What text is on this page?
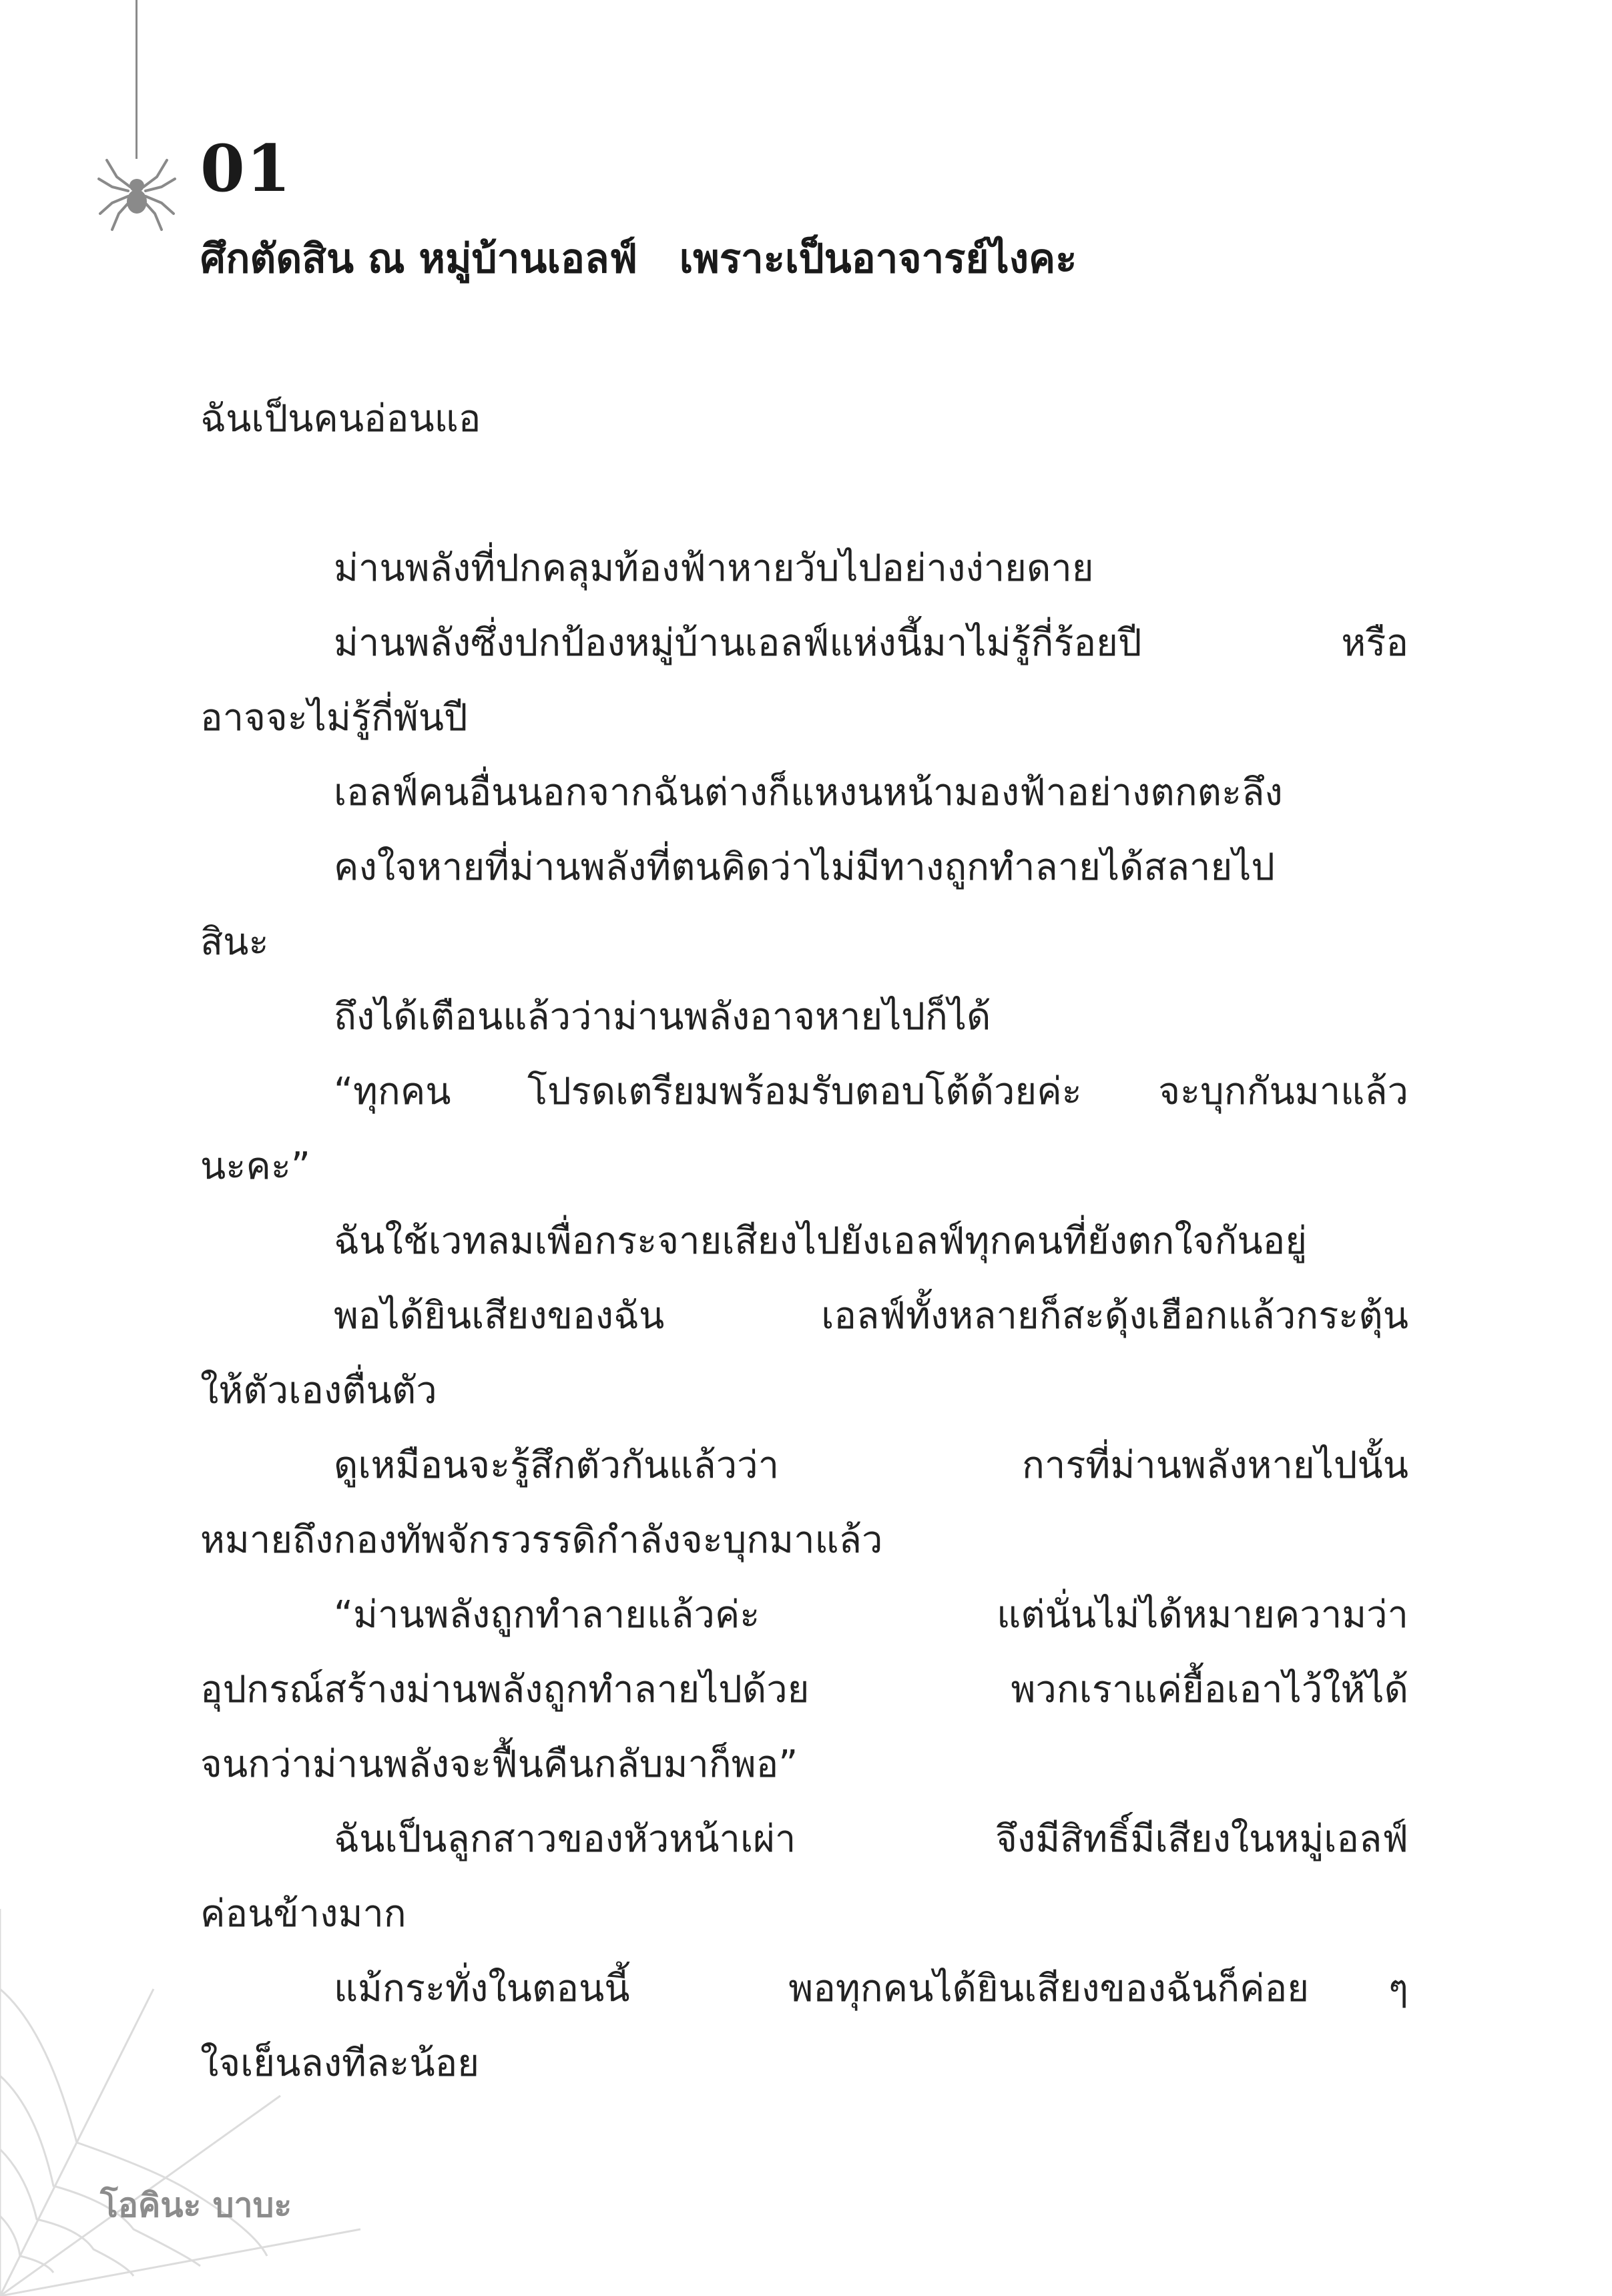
01
ศึกตัดสิน ณ หมู่บ้านเอลฟ์   เพราะเป็นอาจารย์ไงคะ
ฉันเป็นคนอ่อนแอ
ม่านพลังที่ปกคลุมท้องฟ้าหายวับไปอย่างง่ายดาย
ม่านพลังซึ่งปกป้องหมู่บ้านเอลฟ์แห่งนี้มาไม่รู้กี่ร้อยปี  หรือ
อาจจะไม่รู้กี่พันปี
เอลฟ์คนอื่นนอกจากฉันต่างก็แหงนหน้ามองฟ้าอย่างตกตะลึง
คงใจหายที่ม่านพลังที่ตนคิดว่าไม่มีทางถูกทำลายได้สลายไป
สินะ
ถึงได้เตือนแล้วว่าม่านพลังอาจหายไปก็ได้
“ทุกคน  โปรดเตรียมพร้อมรับตอบโต้ด้วยค่ะ  จะบุกกันมาแล้ว
นะคะ”
ฉันใช้เวทลมเพื่อกระจายเสียงไปยังเอลฟ์ทุกคนที่ยังตกใจกันอยู่
พอได้ยินเสียงของฉัน  เอลฟ์ทั้งหลายก็สะดุ้งเฮือกแล้วกระตุ้น
ให้ตัวเองตื่นตัว
ดูเหมือนจะรู้สึกตัวกันแล้วว่า  การที่ม่านพลังหายไปนั้น
หมายถึงกองทัพจักรวรรดิกำลังจะบุกมาแล้ว
“ม่านพลังถูกทำลายแล้วค่ะ  แต่นั่นไม่ได้หมายความว่า
อุปกรณ์สร้างม่านพลังถูกทำลายไปด้วย  พวกเราแค่ยื้อเอาไว้ให้ได้
จนกว่าม่านพลังจะฟื้นคืนกลับมาก็พอ”
ฉันเป็นลูกสาวของหัวหน้าเผ่า  จึงมีสิทธิ์มีเสียงในหมู่เอลฟ์
ค่อนข้างมาก
แม้กระทั่งในตอนนี้  พอทุกคนได้ยินเสียงของฉันก็ค่อย ๆ
ใจเย็นลงทีละน้อย
โอคินะ บาบะ
